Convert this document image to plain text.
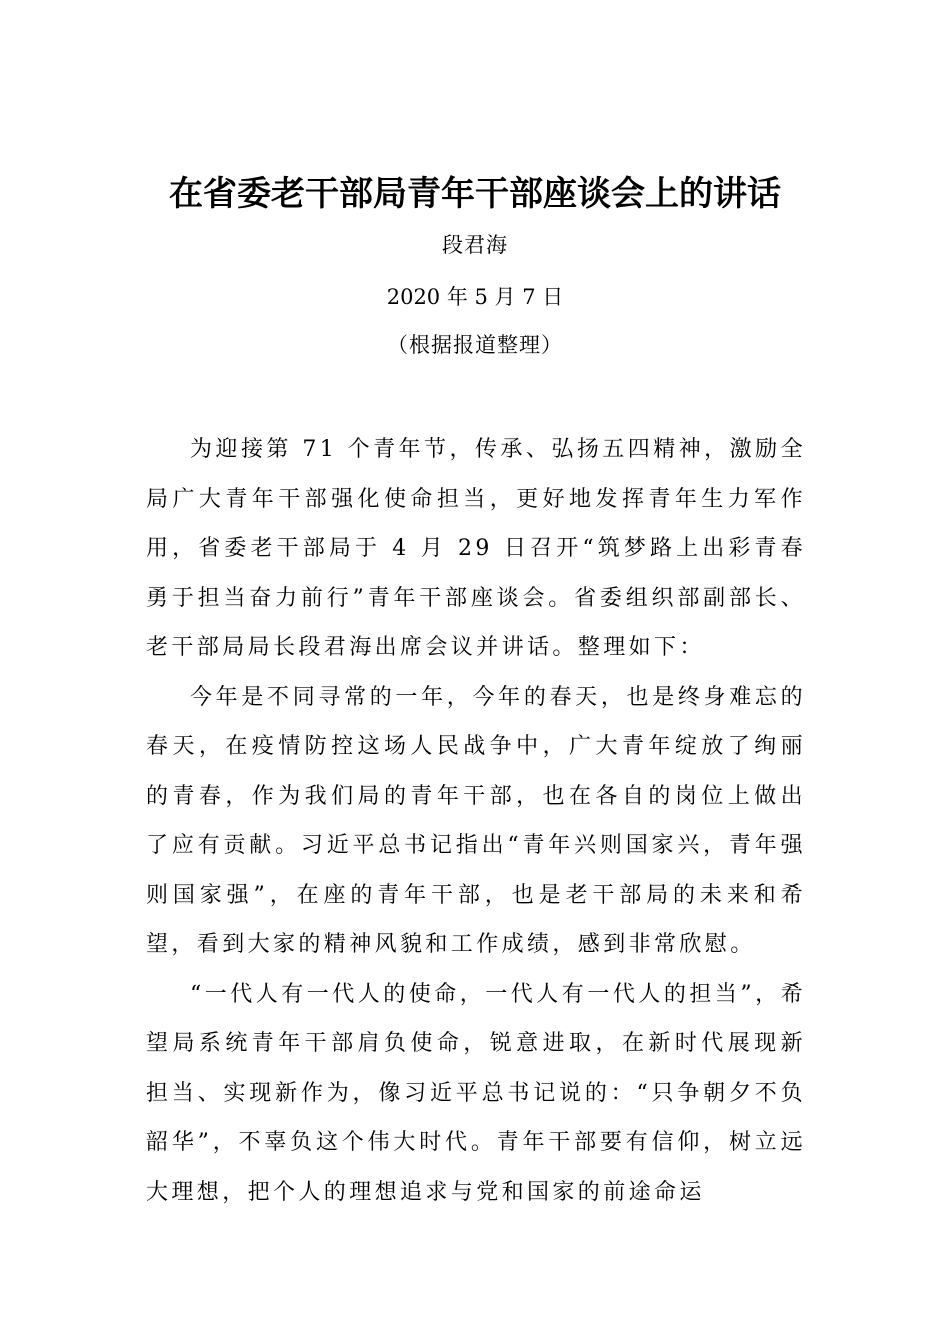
在省委老干部局青年干部座谈会上的讲话
段君海
2020 年 5 月 7 日
（根据报道整理）

为迎接第 71 个青年节，传承、弘扬五四精神，激励全局广大青年干部强化使命担当，更好地发挥青年生力军作用，省委老干部局于 4 月 29 日召开“筑梦路上出彩青春 勇于担当奋力前行”青年干部座谈会。省委组织部副部长、老干部局局长段君海出席会议并讲话。整理如下：

今年是不同寻常的一年，今年的春天，也是终身难忘的春天，在疫情防控这场人民战争中，广大青年绽放了绚丽的青春，作为我们局的青年干部，也在各自的岗位上做出了应有贡献。习近平总书记指出“青年兴则国家兴，青年强则国家强”，在座的青年干部，也是老干部局的未来和希望，看到大家的精神风貌和工作成绩，感到非常欣慰。

“一代人有一代人的使命，一代人有一代人的担当”，希望局系统青年干部肩负使命，锐意进取，在新时代展现新担当、实现新作为，像习近平总书记说的：“只争朝夕不负韶华”，不辜负这个伟大时代。青年干部要有信仰，树立远大理想，把个人的理想追求与党和国家的前途命运
